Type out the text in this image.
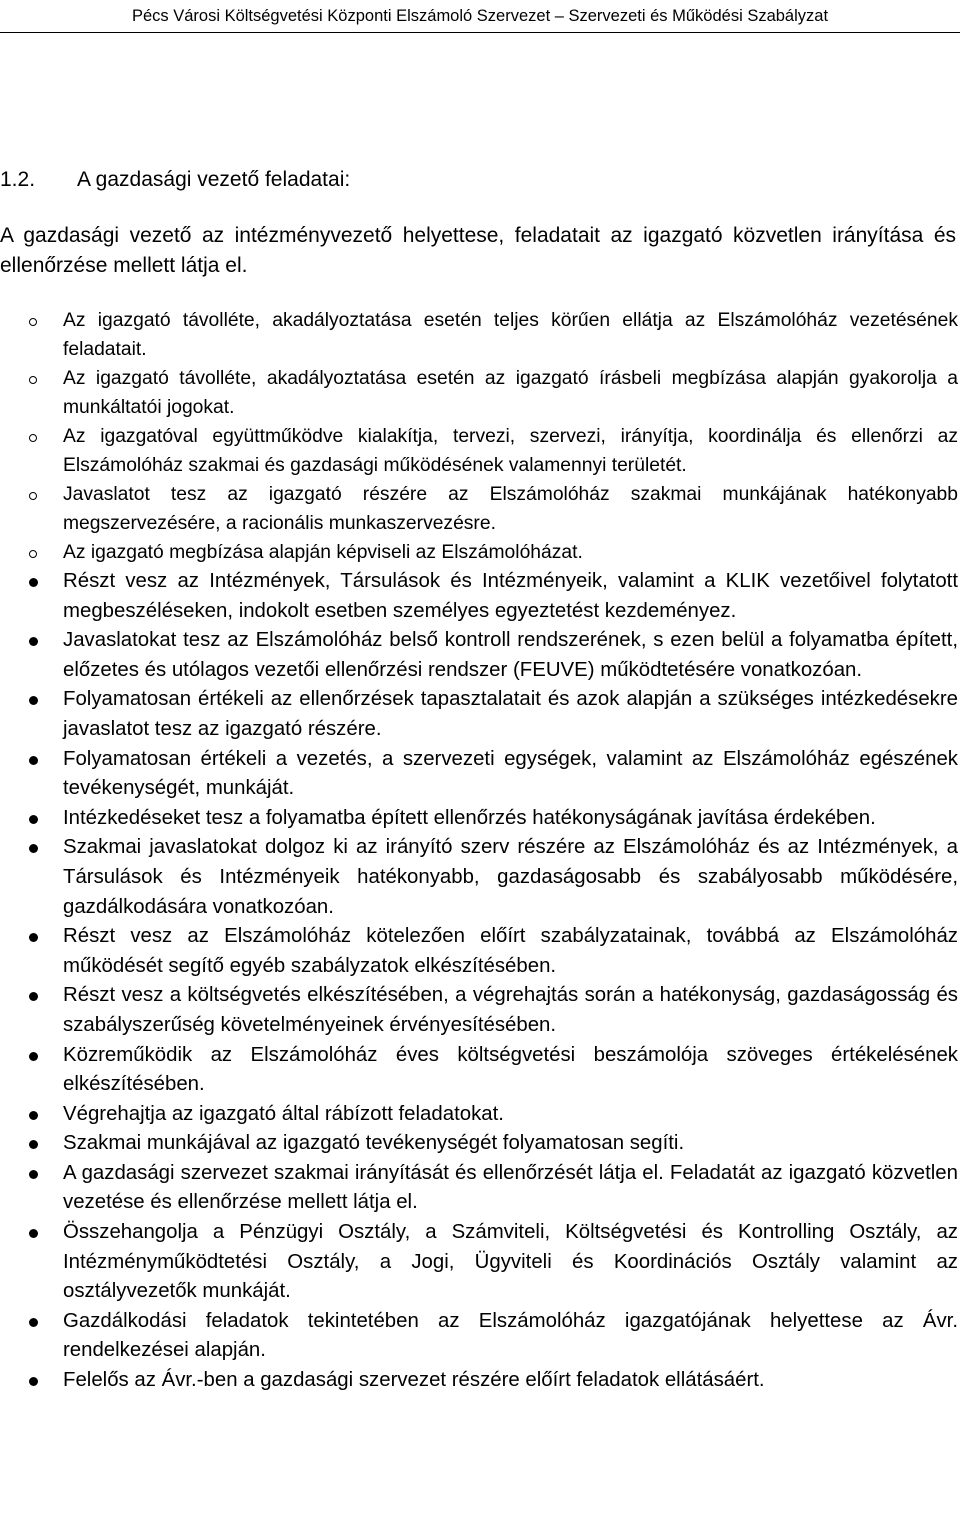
Pécs Városi Költségvetési Központi Elszámoló Szervezet – Szervezeti és Működési Szabályzat
1.2. A gazdasági vezető feladatai:

A gazdasági vezető az intézményvezető helyettese, feladatait az igazgató közvetlen irányítása és ellenőrzése mellett látja el.

Az igazgató távolléte, akadályoztatása esetén teljes körűen ellátja az Elszámolóház vezetésének feladatait.
Az igazgató távolléte, akadályoztatása esetén az igazgató írásbeli megbízása alapján gyakorolja a munkáltatói jogokat.
Az igazgatóval együttműködve kialakítja, tervezi, szervezi, irányítja, koordinálja és ellenőrzi az Elszámolóház szakmai és gazdasági működésének valamennyi területét.
Javaslatot tesz az igazgató részére az Elszámolóház szakmai munkájának hatékonyabb megszervezésére, a racionális munkaszervezésre.
Az igazgató megbízása alapján képviseli az Elszámolóházat.
Részt vesz az Intézmények, Társulások és Intézményeik, valamint a KLIK vezetőivel folytatott megbeszéléseken, indokolt esetben személyes egyeztetést kezdeményez.
Javaslatokat tesz az Elszámolóház belső kontroll rendszerének, s ezen belül a folyamatba épített, előzetes és utólagos vezetői ellenőrzési rendszer (FEUVE) működtetésére vonatkozóan.
Folyamatosan értékeli az ellenőrzések tapasztalatait és azok alapján a szükséges intézkedésekre javaslatot tesz az igazgató részére.
Folyamatosan értékeli a vezetés, a szervezeti egységek, valamint az Elszámolóház egészének tevékenységét, munkáját.
Intézkedéseket tesz a folyamatba épített ellenőrzés hatékonyságának javítása érdekében.
Szakmai javaslatokat dolgoz ki az irányító szerv részére az Elszámolóház és az Intézmények, a Társulások és Intézményeik hatékonyabb, gazdaságosabb és szabályosabb működésére, gazdálkodására vonatkozóan.
Részt vesz az Elszámolóház kötelezően előírt szabályzatainak, továbbá az Elszámolóház működését segítő egyéb szabályzatok elkészítésében.
Részt vesz a költségvetés elkészítésében, a végrehajtás során a hatékonyság, gazdaságosság és szabályszerűség követelményeinek érvényesítésében.
Közreműködik az Elszámolóház éves költségvetési beszámolója szöveges értékelésének elkészítésében.
Végrehajtja az igazgató által rábízott feladatokat.
Szakmai munkájával az igazgató tevékenységét folyamatosan segíti.
A gazdasági szervezet szakmai irányítását és ellenőrzését látja el. Feladatát az igazgató közvetlen vezetése és ellenőrzése mellett látja el.
Összehangolja a Pénzügyi Osztály, a Számviteli, Költségvetési és Kontrolling Osztály, az Intézményműködtetési Osztály, a Jogi, Ügyviteli és Koordinációs Osztály valamint az osztályvezetők munkáját.
Gazdálkodási feladatok tekintetében az Elszámolóház igazgatójának helyettese az Ávr. rendelkezései alapján.
Felelős az Ávr.-ben a gazdasági szervezet részére előírt feladatok ellátásáért.
